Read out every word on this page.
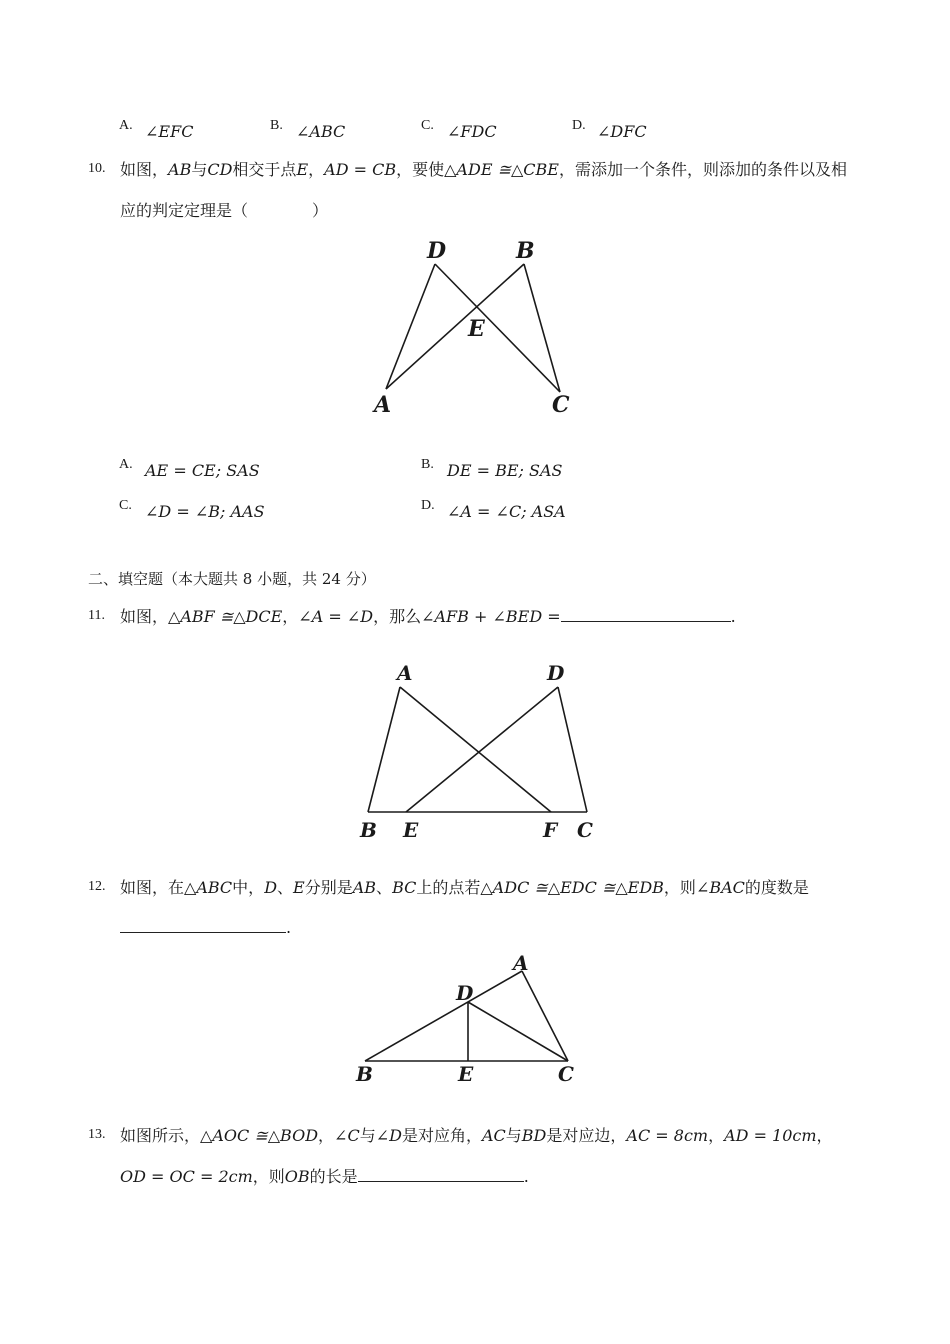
A. ∠EFC	B. ∠ABC	C. ∠FDC	D. ∠DFC
10. 如图，AB与CD相交于点E，AD = CB，要使△ADE ≅△CBE，需添加一个条件，则添加的条件以及相
应的判定定理是（　　　　）
D	B
E
A	C
A. AE = CE; SAS	B. DE = BE; SAS
C. ∠D = ∠B; AAS	D. ∠A = ∠C; ASA
二、填空题（本大题共 8 小题，共 24 分）
11. 如图，△ABF ≅△DCE，∠A = ∠D，那么∠AFB + ∠BED =	.
A	D
B E	F C
12. 如图，在△ABC中，D、E分别是AB、BC上的点若△ADC ≅△EDC ≅△EDB，则∠BAC的度数是
.
A
D
B	E	C
13. 如图所示，△AOC ≅△BOD，∠C与∠D是对应角，AC与BD是对应边，AC = 8cm，AD = 10cm，
OD = OC = 2cm，则OB的长是	.
